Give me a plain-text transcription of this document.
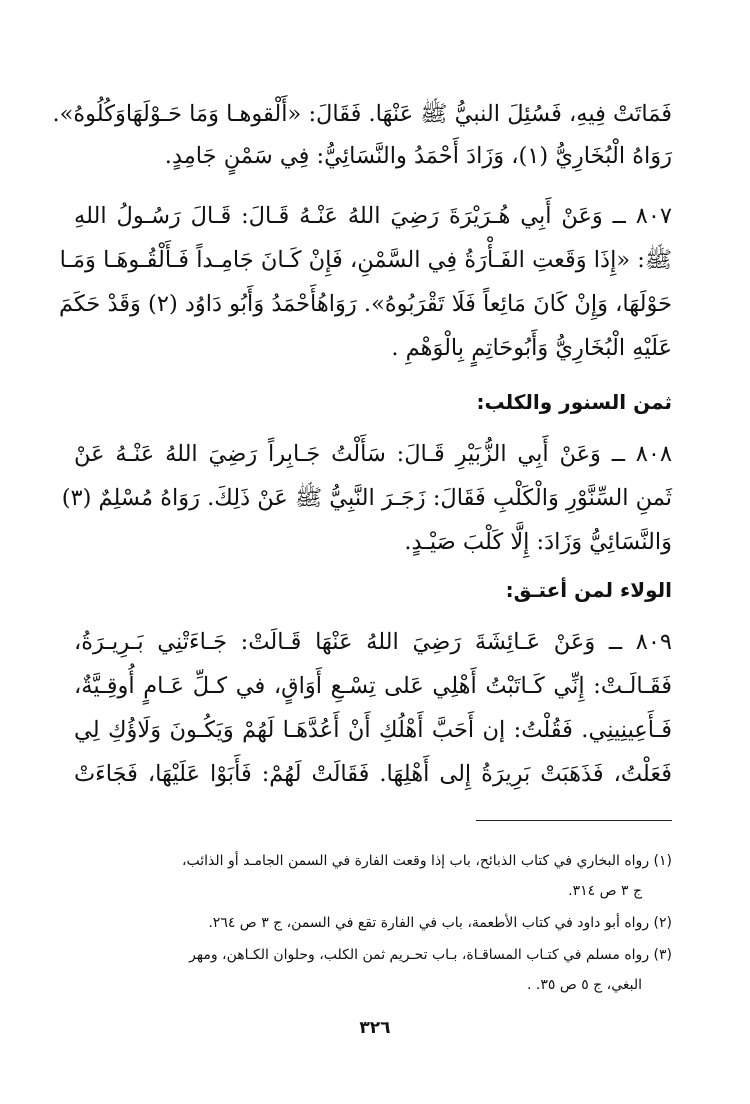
فَمَاتَتْ فِيهِ، فَسُئِلَ النبيُّ ﷺ عَنْهَا. فَقَالَ: «أَلْقوهـا وَمَا حَـوْلَهَاوَكُلُوهُ».
رَوَاهُ الْبُخَارِيُّ (١)، وَزَادَ أَحْمَدُ والنَّسَائِيُّ: فِي سَمْنٍ جَامِدٍ.
٨٠٧ ــ وَعَنْ أَبِي هُـرَيْرَةَ رَضِيَ اللهُ عَنْـهُ قَـالَ: قَـالَ رَسُـولُ اللهِ
ﷺ: «إِذَا وَقَعتِ الفَـأْرَةُ فِي السَّمْنِ، فَإِنْ كَـانَ جَامِـداً فَـأَلْقُـوهَـا وَمَـا
حَوْلَهَا، وَإِنْ كَانَ مَائِعاً فَلَا تَقْرَبُوهُ». رَوَاهُأَحْمَدُ وَأَبُو دَاوُد (٢) وَقَدْ حَكَمَ
عَلَيْهِ الْبُخَارِيُّ وَأَبُوحَاتِمٍ بِالْوَهْمِ .
ثمن السنور والكلب:
٨٠٨ ــ وَعَنْ أَبِي الزُّبَيْرِ قَـالَ: سَأَلْتُ جَـابِراً رَضِيَ اللهُ عَنْـهُ عَنْ
ثَمنِ السِّنَّوْرِ وَالْكَلْبِ فَقَالَ: زَجَـرَ النَّبِيُّ ﷺ عَنْ ذَلِكَ. رَوَاهُ مُسْلِمٌ (٣)
وَالنَّسَائِيُّ وَزَادَ: إِلَّا كَلْبَ صَيْـدٍ.
الولاء لمن أعتـق:
٨٠٩ ــ وَعَنْ عَـائِشَةَ رَضِيَ اللهُ عَنْهَا قَـالَتْ: جَـاءَتْنِي بَـرِيـرَةُ،
فَقَـالَـتْ: إِنِّي كَـاتَبْتُ أَهْلِي عَلى تِسْـعِ أَوَاقٍ، في كـلِّ عَـامٍ أُوقِـيَّةٌ،
فَـأَعِينِينِي. فَقُلْتُ: إن أَحَبَّ أَهْلُكِ أَنْ أَعُدَّهَـا لَهُمْ وَيَكُـونَ وَلَاؤُكِ لِي
فَعَلْتُ، فَذَهَبَتْ بَرِيرَةُ إِلى أَهْلِهَا. فَقَالَتْ لَهُمْ: فَأَبَوْا عَلَيْهَا، فَجَاءَتْ
(١) رواه البخاري في كتاب الذبائح، باب إذا وقعت الفارة في السمن الجامـد أو الذائب،
ج ٣ ص ٣١٤.
(٢) رواه أبو داود في كتاب الأطعمة، باب في الفارة تقع في السمن، ج ٣ ص ٢٦٤.
(٣) رواه مسلم في كتـاب المساقـاة، بـاب تحـريم ثمن الكلب، وحلوان الكـاهن، ومهر
البغي، ج ٥ ص ٣٥. .
٣٢٦
